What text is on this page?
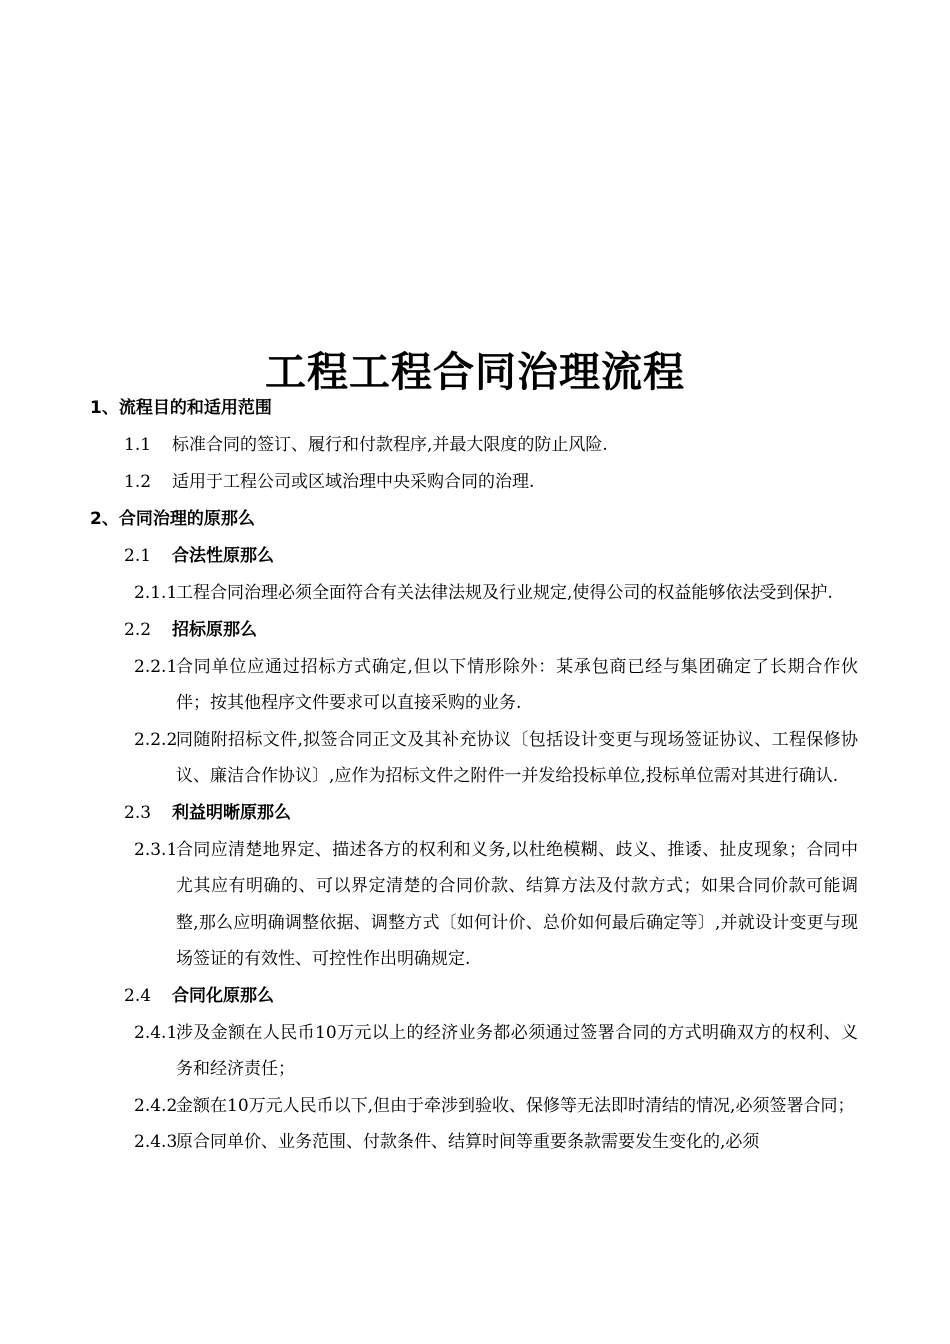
工程工程合同治理流程
1、流程目的和适用范围
1.1	标准合同的签订、履行和付款程序,并最大限度的防止风险.
1.2	适用于工程公司或区域治理中央采购合同的治理.
2、合同治理的原那么
2.1	合法性原那么
2.1.1
工程合同治理必须全面符合有关法律法规及行业规定,使得公司的权益能够依法受到保护.
2.2	招标原那么
2.2.1
合同单位应通过招标方式确定,但以下情形除外：某承包商已经与集团确定了长期合作伙伴；按其他程序文件要求可以直接采购的业务.
2.2.2
同随附招标文件,拟签合同正文及其补充协议〔包括设计变更与现场签证协议、工程保修协议、廉洁合作协议〕,应作为招标文件之附件一并发给投标单位,投标单位需对其进行确认.
2.3	利益明晰原那么
2.3.1
合同应清楚地界定、描述各方的权利和义务,以杜绝模糊、歧义、推诿、扯皮现象；合同中尤其应有明确的、可以界定清楚的合同价款、结算方法及付款方式；如果合同价款可能调整,那么应明确调整依据、调整方式〔如何计价、总价如何最后确定等〕,并就设计变更与现场签证的有效性、可控性作出明确规定.
2.4	合同化原那么
2.4.1
涉及金额在人民币10万元以上的经济业务都必须通过签署合同的方式明确双方的权利、义务和经济责任；
2.4.2
金额在10万元人民币以下,但由于牵涉到验收、保修等无法即时清结的情况,必须签署合同；
2.4.3
原合同单价、业务范围、付款条件、结算时间等重要条款需要发生变化的,必须
